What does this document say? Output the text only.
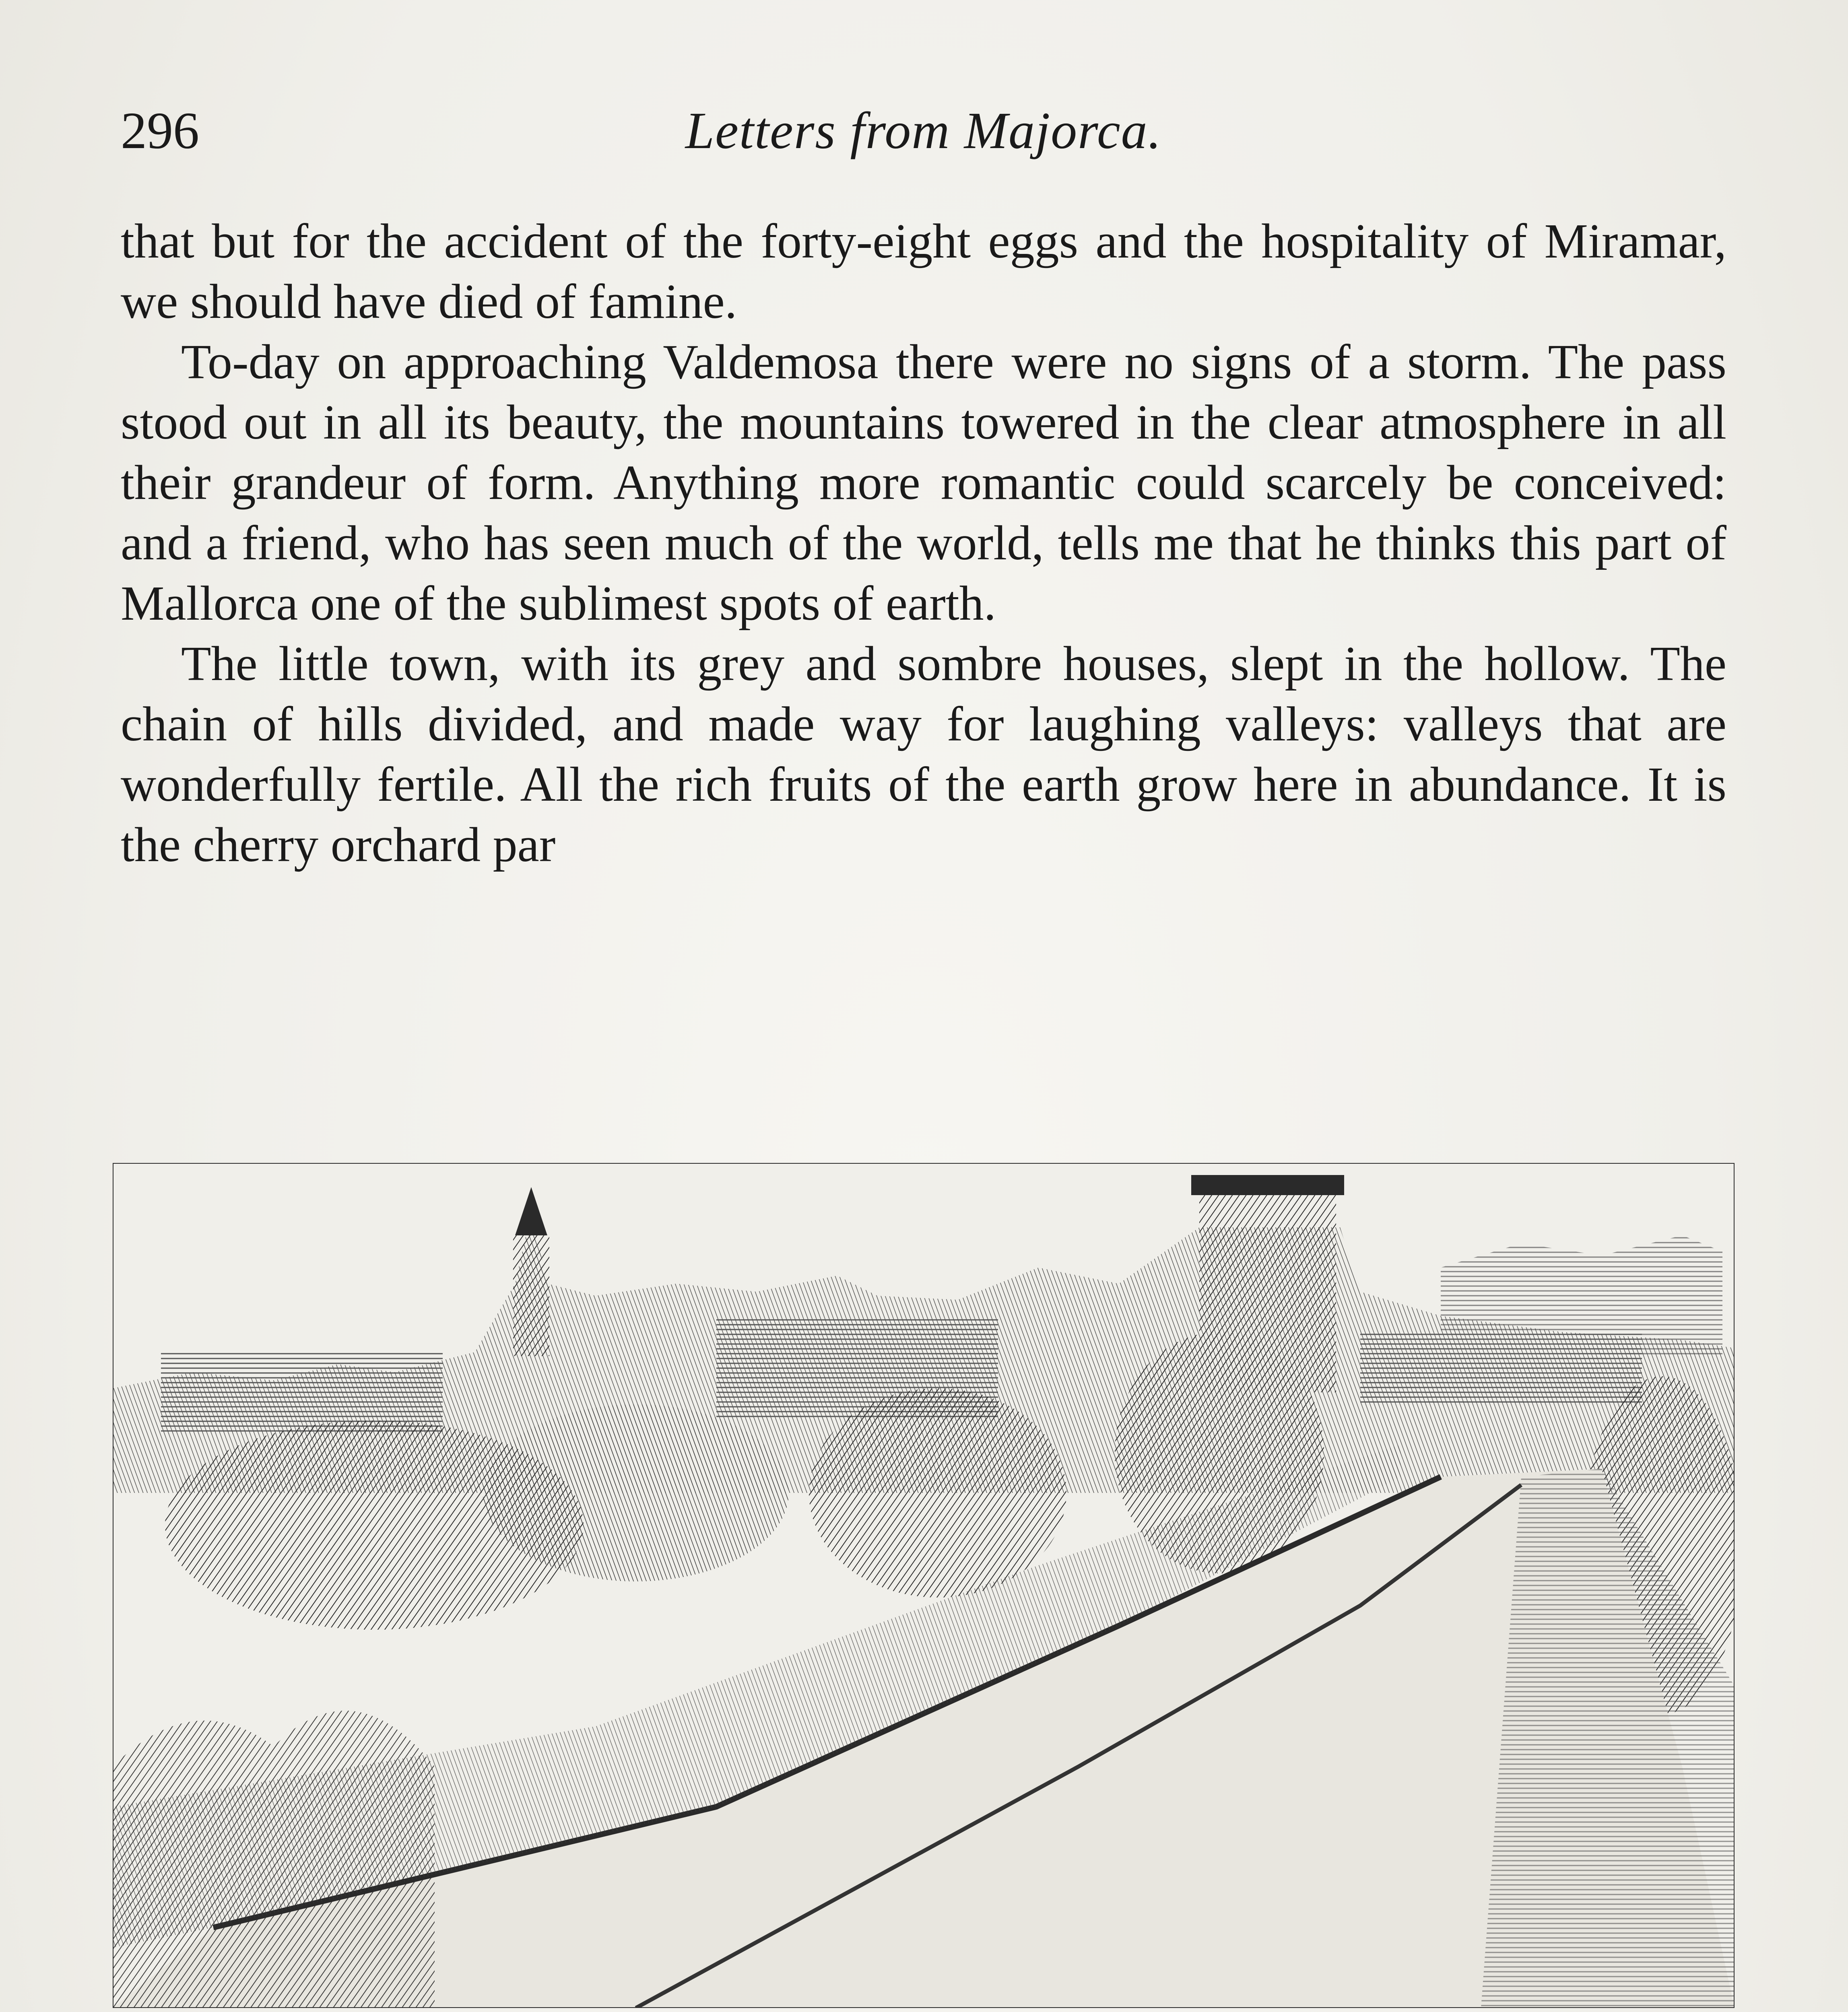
296	Letters from Majorca.

that but for the accident of the forty-eight eggs and the hospitality of Miramar, we should have died of famine.

To-day on approaching Valdemosa there were no signs of a storm. The pass stood out in all its beauty, the mountains towered in the clear atmosphere in all their grandeur of form. Anything more romantic could scarcely be conceived: and a friend, who has seen much of the world, tells me that he thinks this part of Mallorca one of the sublimest spots of earth.

The little town, with its grey and sombre houses, slept in the hollow. The chain of hills divided, and made way for laughing valleys: valleys that are wonderfully fertile. All the rich fruits of the earth grow here in abundance. It is the cherry orchard par
